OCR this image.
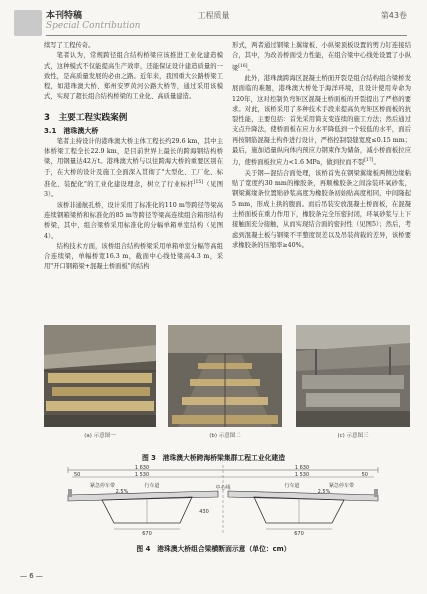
本刊特稿
Special Contribution
工程质量	第43卷

续写了工程传奇。

笔者认为，常规跨径组合结构桥梁应该推进工业化建造模式，这种模式不仅能提高生产效率，还能保证设计建造质量的一致性，是高质量发展的必由之路。近年来，我国重大公路桥梁工程，如港珠澳大桥、郑州安罗黄河公路大桥等，通过采用该模式，实现了超长组合结构桥梁的工业化、高质量建造。

3　主要工程实践案例
3.1　港珠澳大桥

笔者主持设计的港珠澳大桥主体工程长约29.6 km，其中主体桥梁工程全长22.9 km，是目前世界上最长的跨海钢结构桥梁，用钢量达42万t。港珠澳大桥与以往跨海大桥的重要区别在于，在大桥的设计及施工全面深入贯彻了"大型化、工厂化、标准化、装配化"的工业化建设理念，树立了行业标杆[15]（见图3）。

该桥非通航孔桥，设计采用了标准化的110 m等跨径等梁高连续钢箱梁桥和标准化的85 m等跨径等梁高连续组合箱形结构桥梁，其中，组合梁桥采用标准化的分幅单箱单室结构（见图4）。

结构技术方面，该桥组合结构桥梁采用单箱单室分幅等高组合连续梁，单幅桥宽16.3 m，截面中心线处梁高4.3 m，采用"开口钢箱梁+混凝土桥面板"的结构

形式，两者通过钢梁上翼缘板、小纵梁顶板设置的剪力钉连接结合，其中，为改善桥面受力性能，在组合梁中心线处设置了小纵梁[16]。

此外，港珠澳跨海区混凝土桥面开裂是组合结构组合梁桥发展面临的难题，港珠澳大桥处于海洋环境，且设计使用寿命为120年，这对控制负弯矩区混凝土桥面板的开裂提出了严格的要求。对此，该桥采用了多种技术手段来提高负弯矩区桥面板的抗裂性能，主要包括：首先采用简支变连续的施工方法；然后通过支点升降法，使桥面板在应力水平降低到一个较低的水平，面后再按钢筋混凝土构件进行设计，严格控制裂缝宽度≤0.15 mm；最后，施加适量纵向体内预应力钢束作为储备，减小桥面板拉应力，使桥面板拉应力<1.6 MPa，做到拉而不裂[17]。

关于钢—混结合面处理，该桥首先在钢梁翼缘板两侧边缘粘贴了宽度约30 mm的橡胶条，再顺橡胶条之间涂装环氧砂浆，钢梁翼缘条位置贴砂浆高度为橡胶条初始贴高度相同，中间隆起5 mm，形成上拱的腹面。而后吊装安放混凝土桥面板，在混凝土桥面板在重力作用下，橡胶条完全压密封闭，环氧砂浆与上下接触面充分接触，从而实现结合面的密封性（见图5）；然后，考虑到混凝土板与钢梁不平整度误差以及吊装荷载的差异，该桥要求橡胶条的压缩率≥40%。

(a) 示意图一	(b) 示意图二	(c) 示意图三
图 3　港珠澳大桥跨海桥梁集群工程工业化建造
1 630	1 630
50	1 530	1 530	50
紧急停车带	行车道	行车道	紧急停车带
2.5%	2.5%
中心线
670	670
430
图 4　港珠澳大桥组合梁横断面示意（单位：cm）
— 6 —
